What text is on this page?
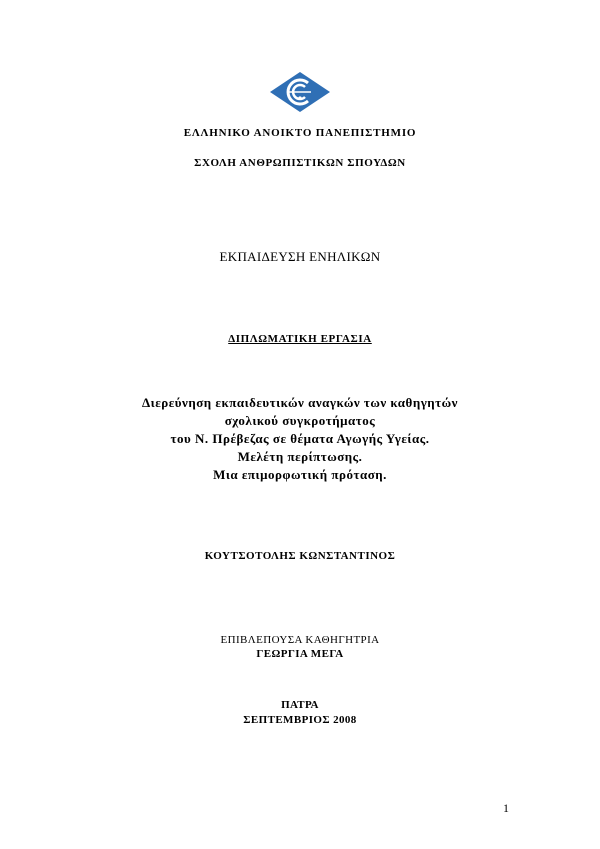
ΕΛΛΗΝΙΚΟ ΑΝΟΙΚΤΟ ΠΑΝΕΠΙΣΤΗΜΙΟ
ΣΧΟΛΗ ΑΝΘΡΩΠΙΣΤΙΚΩΝ ΣΠΟΥΔΩΝ
ΕΚΠΑΙΔΕΥΣΗ ΕΝΗΛΙΚΩΝ
ΔΙΠΛΩΜΑΤΙΚΗ ΕΡΓΑΣΙΑ
Διερεύνηση εκπαιδευτικών αναγκών των καθηγητών
σχολικού συγκροτήματος
του Ν. Πρέβεζας σε θέματα Αγωγής Υγείας.
Μελέτη περίπτωσης.
Μια επιμορφωτική πρόταση.
ΚΟΥΤΣΟΤΟΛΗΣ ΚΩΝΣΤΑΝΤΙΝΟΣ
ΕΠΙΒΛΕΠΟΥΣΑ ΚΑΘΗΓΗΤΡΙΑ
ΓΕΩΡΓΙΑ ΜΕΓΑ
ΠΑΤΡΑ
ΣΕΠΤΕΜΒΡΙΟΣ 2008
1
